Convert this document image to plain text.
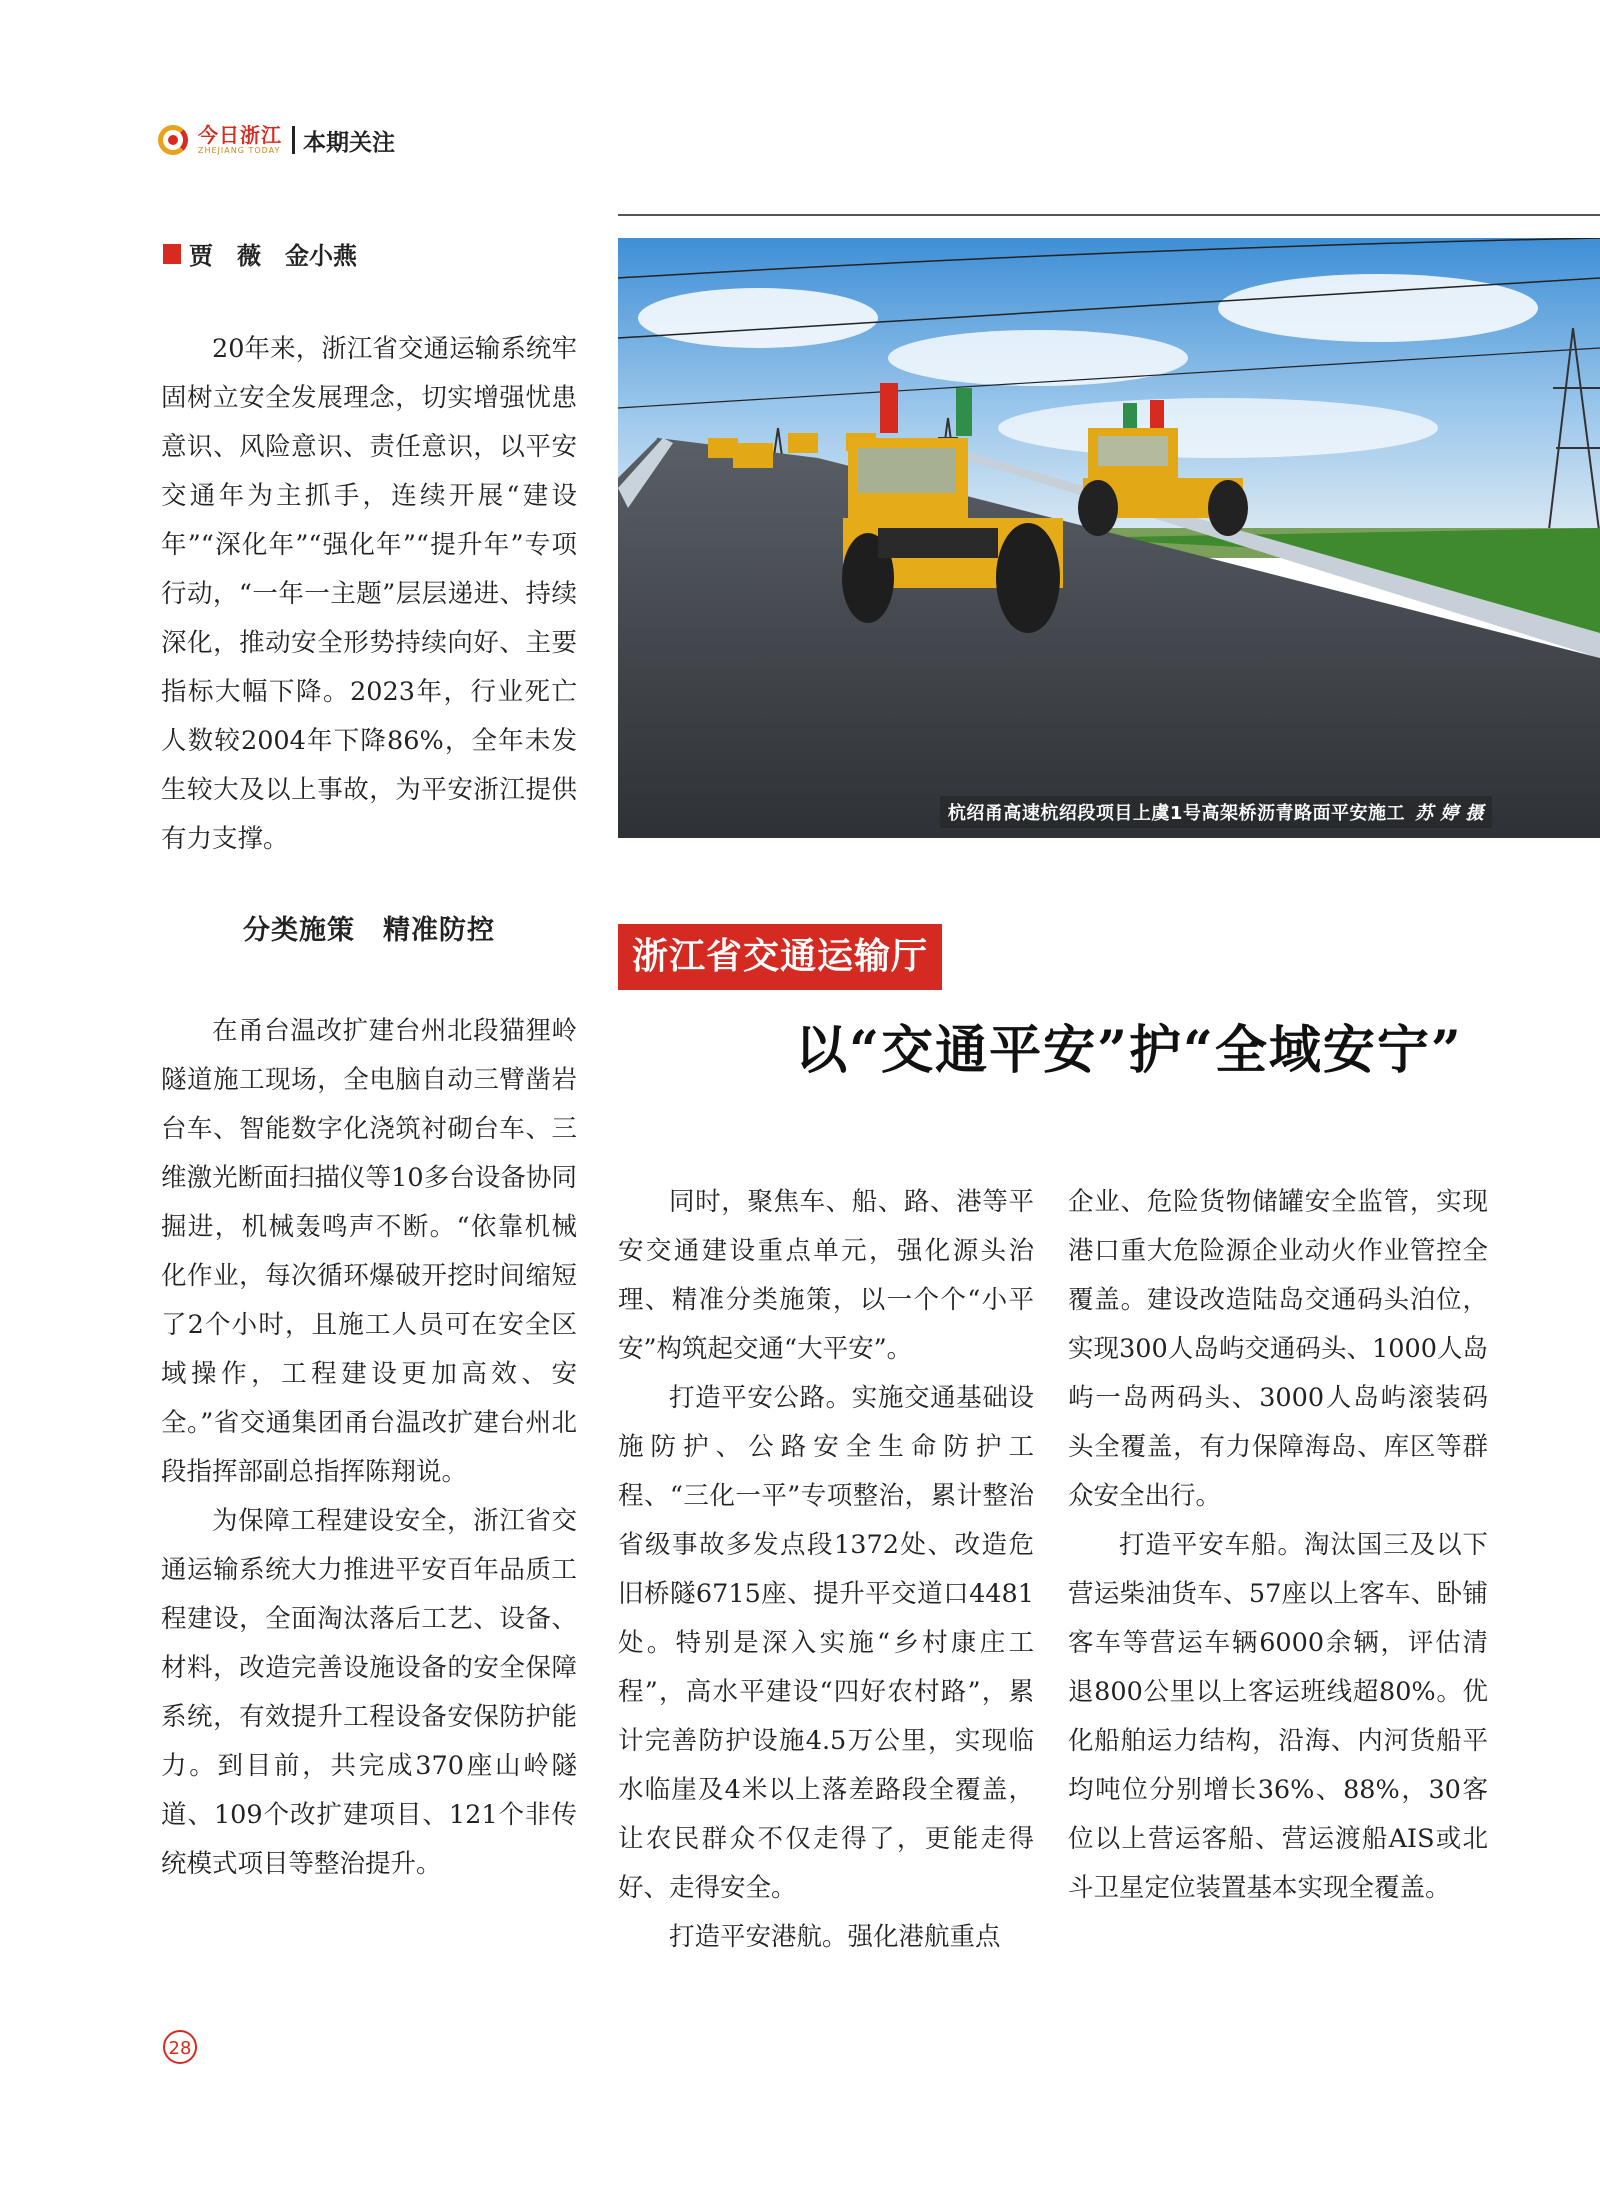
今日浙江
ZHEJIANG TODAY 本期关注
贾　薇　金小燕

20年来，浙江省交通运输系统牢固树立安全发展理念，切实增强忧患意识、风险意识、责任意识，以平安交通年为主抓手，连续开展“建设年”“深化年”“强化年”“提升年”专项行动，“一年一主题”层层递进、持续深化，推动安全形势持续向好、主要指标大幅下降。2023年，行业死亡人数较2004年下降86%，全年未发生较大及以上事故，为平安浙江提供有力支撑。

分类施策　精准防控

在甬台温改扩建台州北段猫狸岭隧道施工现场，全电脑自动三臂凿岩台车、智能数字化浇筑衬砌台车、三维激光断面扫描仪等10多台设备协同掘进，机械轰鸣声不断。“依靠机械化作业，每次循环爆破开挖时间缩短了2个小时，且施工人员可在安全区域操作，工程建设更加高效、安全。”省交通集团甬台温改扩建台州北段指挥部副总指挥陈翔说。

为保障工程建设安全，浙江省交通运输系统大力推进平安百年品质工程建设，全面淘汰落后工艺、设备、材料，改造完善设施设备的安全保障系统，有效提升工程设备安保防护能力。到目前，共完成370座山岭隧道、109个改扩建项目、121个非传统模式项目等整治提升。

杭绍甬高速杭绍段项目上虞1号高架桥沥青路面平安施工 苏 婷 摄
浙江省交通运输厅
以“交通平安”护“全域安宁”

同时，聚焦车、船、路、港等平安交通建设重点单元，强化源头治理、精准分类施策，以一个个“小平安”构筑起交通“大平安”。

打造平安公路。实施交通基础设施防护、公路安全生命防护工程、“三化一平”专项整治，累计整治省级事故多发点段1372处、改造危旧桥隧6715座、提升平交道口4481处。特别是深入实施“乡村康庄工程”，高水平建设“四好农村路”，累计完善防护设施4.5万公里，实现临水临崖及4米以上落差路段全覆盖，让农民群众不仅走得了，更能走得好、走得安全。

打造平安港航。强化港航重点

企业、危险货物储罐安全监管，实现港口重大危险源企业动火作业管控全覆盖。建设改造陆岛交通码头泊位，实现300人岛屿交通码头、1000人岛屿一岛两码头、3000人岛屿滚装码头全覆盖，有力保障海岛、库区等群众安全出行。

打造平安车船。淘汰国三及以下营运柴油货车、57座以上客车、卧铺客车等营运车辆6000余辆，评估清退800公里以上客运班线超80%。优化船舶运力结构，沿海、内河货船平均吨位分别增长36%、88%，30客位以上营运客船、营运渡船AIS或北斗卫星定位装置基本实现全覆盖。

28
